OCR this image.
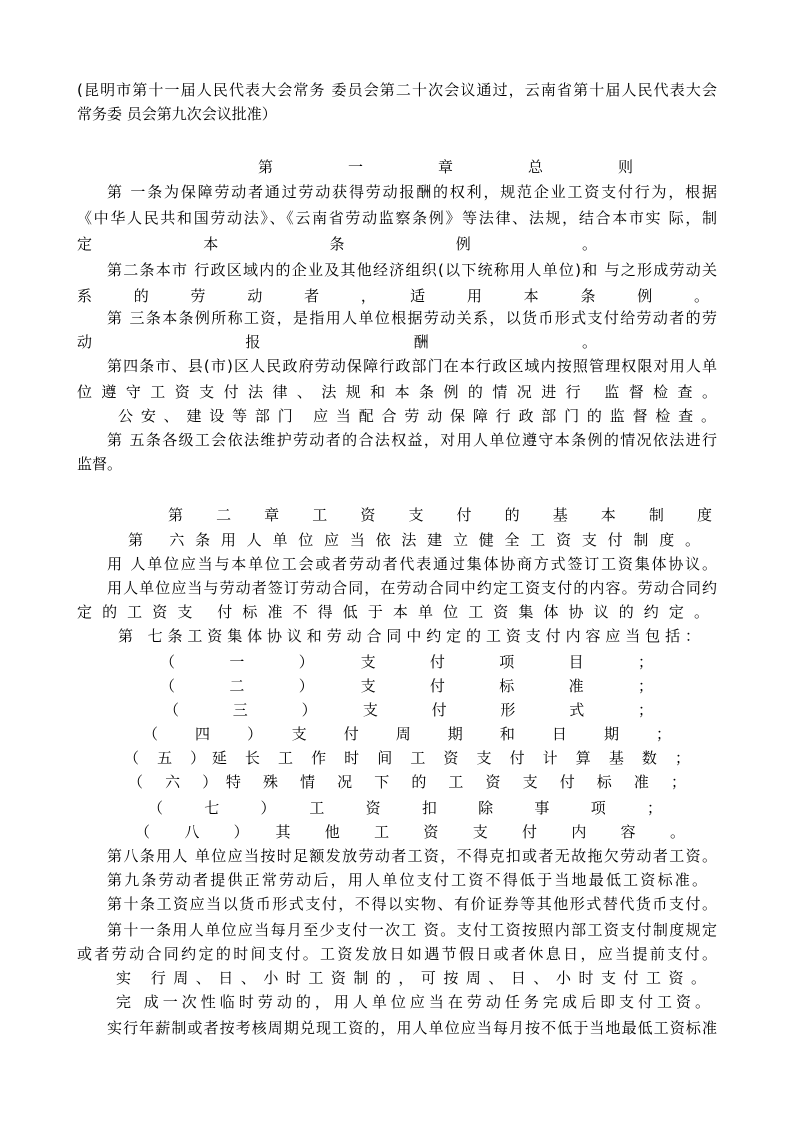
(昆明市第十一届人民代表大会常务 委员会第二十次会议通过，云南省第十届人民代表大会
常务委 员会第九次会议批准）
第　　一　　章　　总　　则
第 一条为保障劳动者通过劳动获得劳动报酬的权利，规范企业工资支付行为，根据
《中华人民共和国劳动法》、《云南省劳动监察条例》等法律、法规，结合本市实 际，制
定　　本　　条　　例　　。
第二条本市 行政区域内的企业及其他经济组织(以下统称用人单位)和 与之形成劳动关
系　的　劳　动　者　，　适　用　本　条　例　。
第 三条本条例所称工资，是指用人单位根据劳动关系，以货币形式支付给劳动者的劳
动　　报　　酬　　。
第四条市、县(市)区人民政府劳动保障行政部门在本行政区域内按照管理权限对用人单
位遵守工资支付法律、法规和本条例的情况进行 监督检查。
公安、建设等部门 应当配合劳动保障行政部门的监督检查。
第 五条各级工会依法维护劳动者的合法权益，对用人单位遵守本条例的情况依法进行
监督。
第　二　章　工　资　支　付　的　基　本　制　度
第 六条用人单位应当依法建立健全工资支付制度。
用 人单位应当与本单位工会或者劳动者代表通过集体协商方式签订工资集体协议。
用人单位应当与劳动者签订劳动合同，在劳动合同中约定工资支付的内容。劳动合同约
定的工资支 付标准不得低于本单位工资集体协议的约定。
第 七条工资集体协议和劳动合同中约定的工资支付内容应当包括：
（　一　）　支　付　项　目　；
（　二　）　支　付　标　准　；
（　三　）　支　付　形　式　；
（　四　）　支　付　周　期　和　日　期　；
（ 五 ）延 长 工 作 时 间 工 资 支 付 计 算 基 数 ；
（ 六 ）特 殊 情 况 下 的 工 资 支 付 标 准 ；
（　七　）　工　资　扣　除　事　项　；
（　八　）　其　他　工　资　支　付　内　容　。
第八条用人 单位应当按时足额发放劳动者工资，不得克扣或者无故拖欠劳动者工资。
第九条劳动者提供正常劳动后，用人单位支付工资不得低于当地最低工资标准。
第十条工资应当以货币形式支付，不得以实物、有价证券等其他形式替代货币支付。
第十一条用人单位应当每月至少支付一次工 资。支付工资按照内部工资支付制度规定
或者劳动合同约定的时间支付。工资发放日如遇节假日或者休息日，应当提前支付。
实 行周、日、小时工资制的，可按周、日、小时支付工资。
完 成一次性临时劳动的，用人单位应当在劳动任务完成后即支付工资。
实行年薪制或者按考核周期兑现工资的，用人单位应当每月按不低于当地最低工资标准
